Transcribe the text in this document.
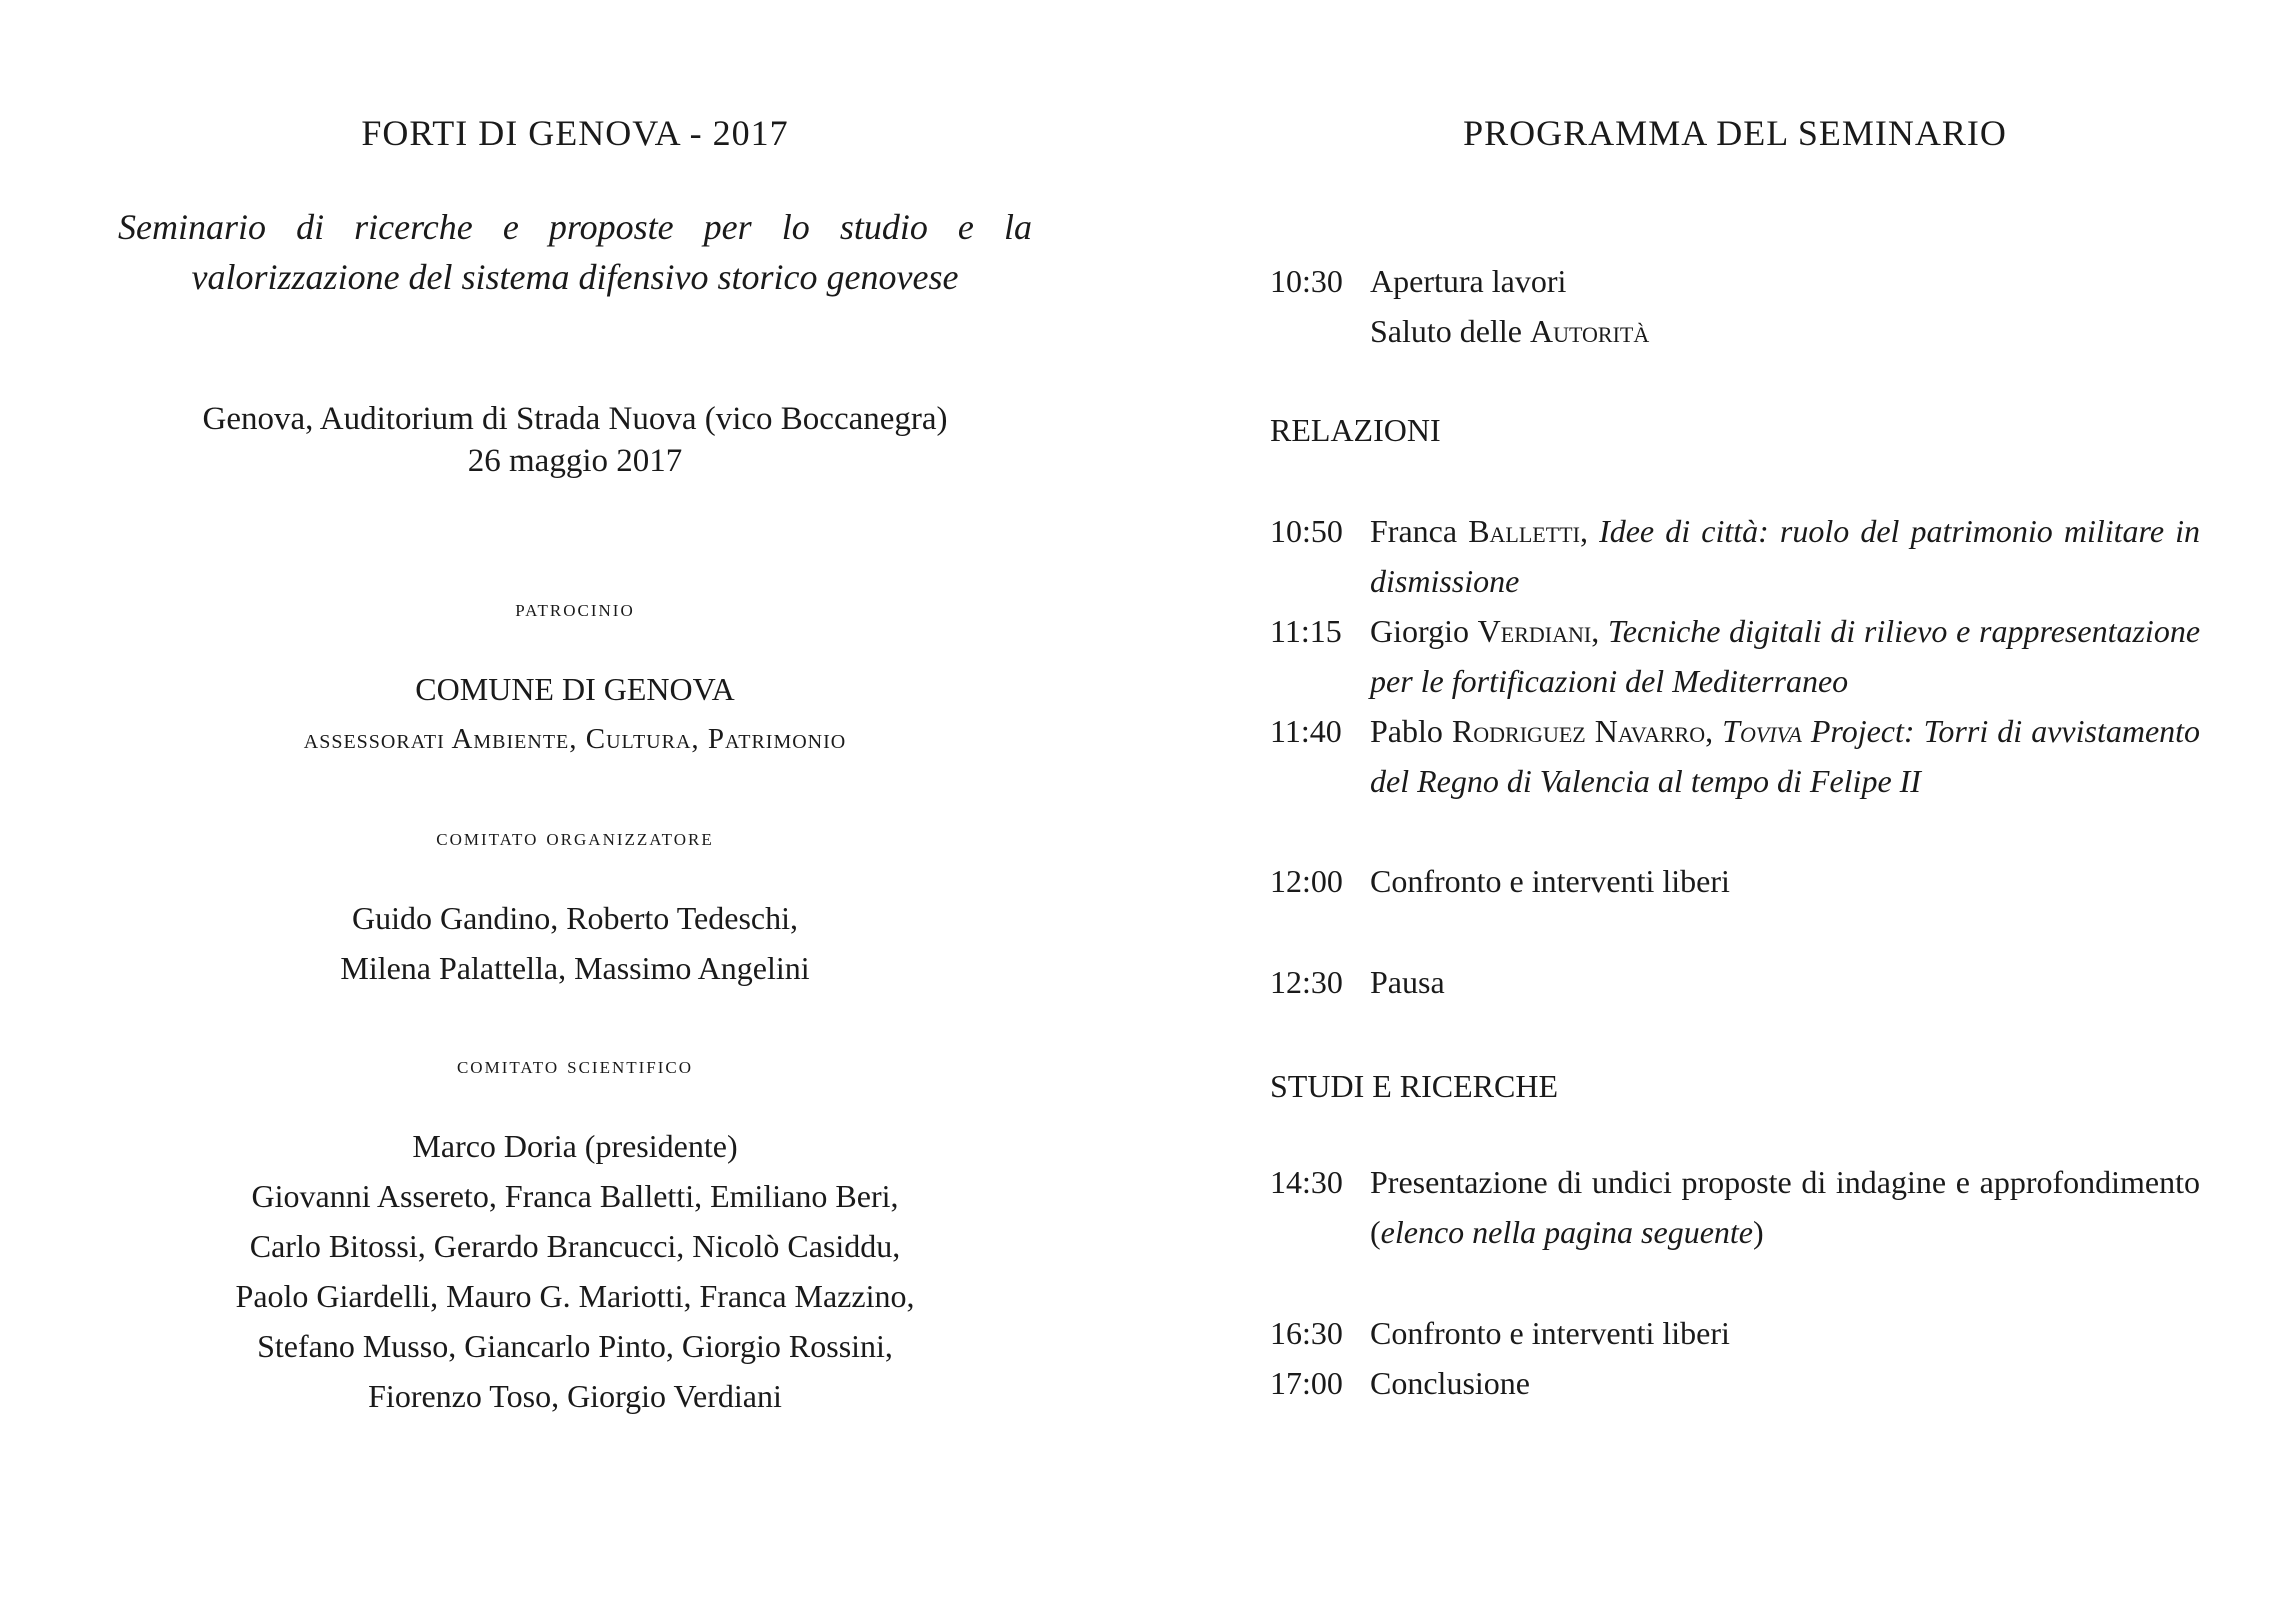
FORTI DI GENOVA - 2017

Seminario di ricerche e proposte per lo studio e la
valorizzazione del sistema difensivo storico genovese

Genova, Auditorium di Strada Nuova (vico Boccanegra)
26 maggio 2017
patrocinio
COMUNE DI GENOVA
assessorati Ambiente, Cultura, Patrimonio
comitato organizzatore
Guido Gandino, Roberto Tedeschi,
Milena Palattella, Massimo Angelini
comitato scientifico
Marco Doria (presidente)
Giovanni Assereto, Franca Balletti, Emiliano Beri,
Carlo Bitossi, Gerardo Brancucci, Nicolò Casiddu,
Paolo Giardelli, Mauro G. Mariotti, Franca Mazzino,
Stefano Musso, Giancarlo Pinto, Giorgio Rossini,
Fiorenzo Toso, Giorgio Verdiani
PROGRAMMA DEL SEMINARIO
10:30 Apertura lavori
Saluto delle Autorità
RELAZIONI
10:50 Franca Balletti, Idee di città: ruolo del patrimonio militare in dismissione
11:15 Giorgio Verdiani, Tecniche digitali di rilievo e rappresentazione per le fortificazioni del Mediterraneo
11:40 Pablo Rodriguez Navarro, Toviva Project: Torri di avvistamento del Regno di Valencia al tempo di Felipe II
12:00 Confronto e interventi liberi
12:30 Pausa
STUDI E RICERCHE
14:30 Presentazione di undici proposte di indagine e approfondimento (elenco nella pagina seguente)
16:30 Confronto e interventi liberi
17:00 Conclusione
